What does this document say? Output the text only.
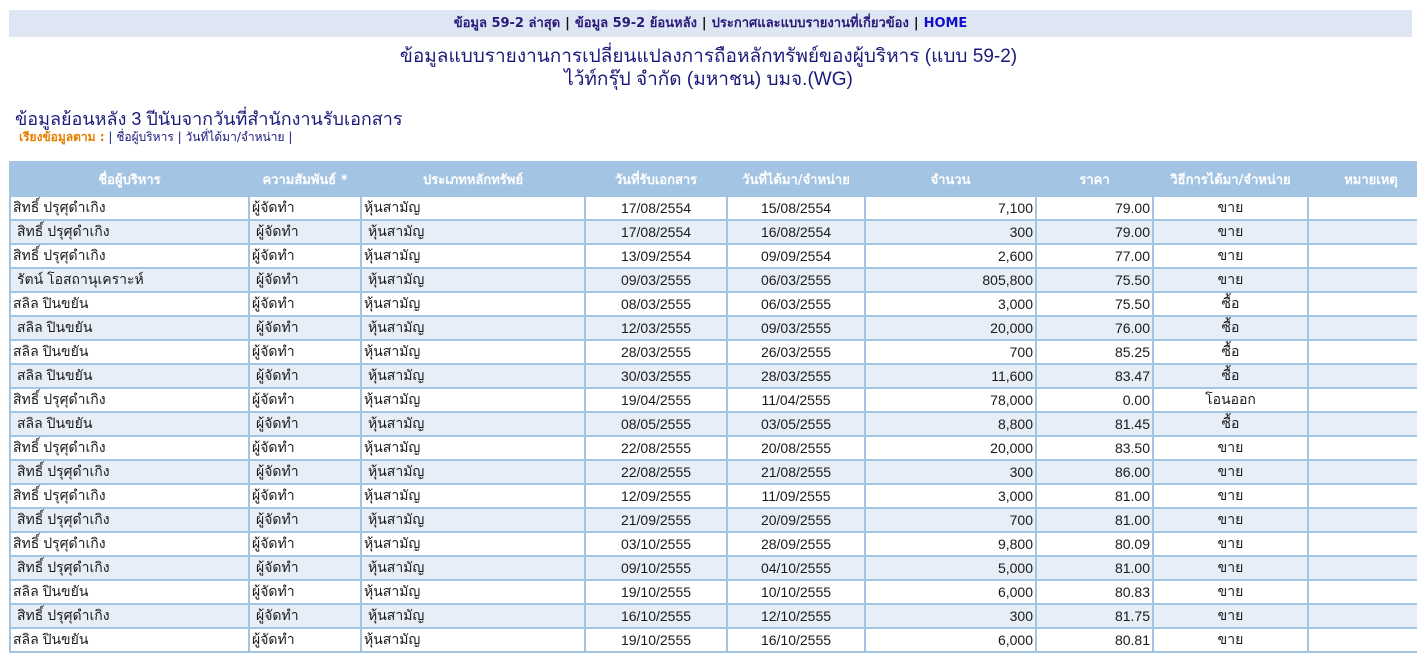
ข้อมูล 59-2 ล่าสุด | ข้อมูล 59-2 ย้อนหลัง | ประกาศและแบบรายงานที่เกี่ยวข้อง | HOME
ข้อมูลแบบรายงานการเปลี่ยนแปลงการถือหลักทรัพย์ของผู้บริหาร (แบบ 59-2)
ไว้ท์กรุ๊ป จำกัด (มหาชน) บมจ.(WG)
ข้อมูลย้อนหลัง 3 ปีนับจากวันที่สำนักงานรับเอกสาร
เรียงข้อมูลตาม : | ชื่อผู้บริหาร | วันที่ได้มา/จำหน่าย |
ชื่อผู้บริหาร	ความสัมพันธ์ *	ประเภทหลักทรัพย์	วันที่รับเอกสาร	วันที่ได้มา/จำหน่าย	จำนวน	ราคา	วิธีการได้มา/จำหน่าย	หมายเหตุ
สิทธิ์ ปรุศุดำเกิง	ผู้จัดทำ	หุ้นสามัญ	17/08/2554	15/08/2554	7,100	79.00	ขาย	
สิทธิ์ ปรุศุดำเกิง	ผู้จัดทำ	หุ้นสามัญ	17/08/2554	16/08/2554	300	79.00	ขาย	
สิทธิ์ ปรุศุดำเกิง	ผู้จัดทำ	หุ้นสามัญ	13/09/2554	09/09/2554	2,600	77.00	ขาย	
รัตน์ โอสถานุเคราะห์	ผู้จัดทำ	หุ้นสามัญ	09/03/2555	06/03/2555	805,800	75.50	ขาย	
สลิล ปินขยัน	ผู้จัดทำ	หุ้นสามัญ	08/03/2555	06/03/2555	3,000	75.50	ซื้อ	
สลิล ปินขยัน	ผู้จัดทำ	หุ้นสามัญ	12/03/2555	09/03/2555	20,000	76.00	ซื้อ	
สลิล ปินขยัน	ผู้จัดทำ	หุ้นสามัญ	28/03/2555	26/03/2555	700	85.25	ซื้อ	
สลิล ปินขยัน	ผู้จัดทำ	หุ้นสามัญ	30/03/2555	28/03/2555	11,600	83.47	ซื้อ	
สิทธิ์ ปรุศุดำเกิง	ผู้จัดทำ	หุ้นสามัญ	19/04/2555	11/04/2555	78,000	0.00	โอนออก	
สลิล ปินขยัน	ผู้จัดทำ	หุ้นสามัญ	08/05/2555	03/05/2555	8,800	81.45	ซื้อ	
สิทธิ์ ปรุศุดำเกิง	ผู้จัดทำ	หุ้นสามัญ	22/08/2555	20/08/2555	20,000	83.50	ขาย	
สิทธิ์ ปรุศุดำเกิง	ผู้จัดทำ	หุ้นสามัญ	22/08/2555	21/08/2555	300	86.00	ขาย	
สิทธิ์ ปรุศุดำเกิง	ผู้จัดทำ	หุ้นสามัญ	12/09/2555	11/09/2555	3,000	81.00	ขาย	
สิทธิ์ ปรุศุดำเกิง	ผู้จัดทำ	หุ้นสามัญ	21/09/2555	20/09/2555	700	81.00	ขาย	
สิทธิ์ ปรุศุดำเกิง	ผู้จัดทำ	หุ้นสามัญ	03/10/2555	28/09/2555	9,800	80.09	ขาย	
สิทธิ์ ปรุศุดำเกิง	ผู้จัดทำ	หุ้นสามัญ	09/10/2555	04/10/2555	5,000	81.00	ขาย	
สลิล ปินขยัน	ผู้จัดทำ	หุ้นสามัญ	19/10/2555	10/10/2555	6,000	80.83	ขาย	
สิทธิ์ ปรุศุดำเกิง	ผู้จัดทำ	หุ้นสามัญ	16/10/2555	12/10/2555	300	81.75	ขาย	
สลิล ปินขยัน	ผู้จัดทำ	หุ้นสามัญ	19/10/2555	16/10/2555	6,000	80.81	ขาย	
